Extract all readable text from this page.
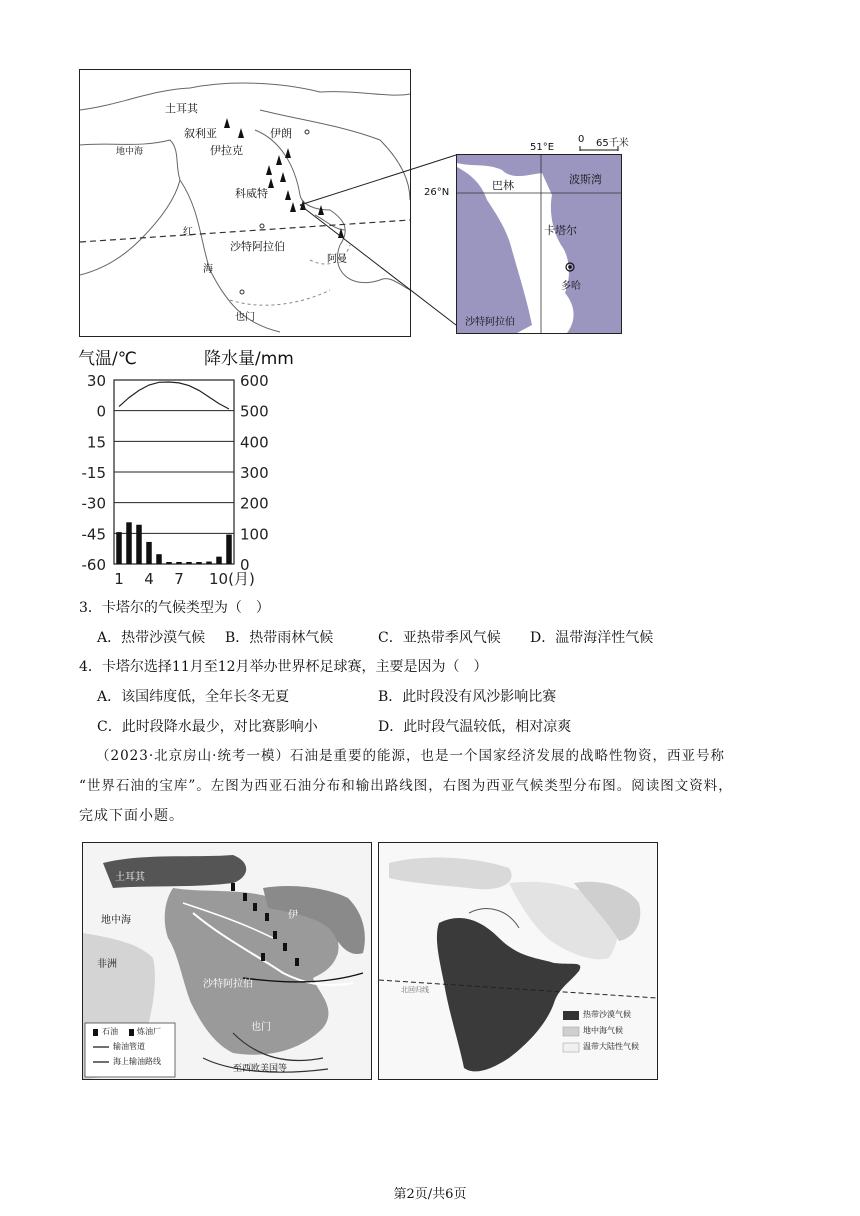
土耳其
叙利亚
伊拉克
伊朗
科威特
沙特阿拉伯
也门
阿曼
地中海
红
海
巴林	波斯湾
卡塔尔
多哈
沙特阿拉伯
51°E
0 65千米
26°N
气温/℃	降水量/mm
30	600
0	500
15	400
-15	300
-30	200
-45	100
-60	0
1 4 7 10(月)
3．卡塔尔的气候类型为（　）
A．热带沙漠气候 B．热带雨林气候	C．亚热带季风气候 D．温带海洋性气候
4．卡塔尔选择11月至12月举办世界杯足球赛，主要是因为（　）
A．该国纬度低，全年长冬无夏	B．此时段没有风沙影响比赛
C．此时段降水最少，对比赛影响小	D．此时段气温较低，相对凉爽
（2023·北京房山·统考一模）石油是重要的能源，也是一个国家经济发展的战略性物资，西亚号称
“世界石油的宝库”。左图为西亚石油分布和输出路线图，右图为西亚气候类型分布图。阅读图文资料，
完成下面小题。
土耳其
地中海	伊
沙特阿拉伯
也门
非洲
至西欧美国等
石油 炼油厂
输油管道
海上输油路线
热带沙漠气候
地中海气候
温带大陆性气候
北回归线
第2页/共6页
